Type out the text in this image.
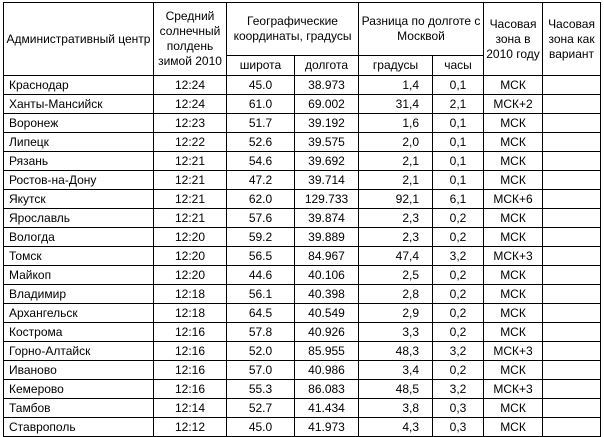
Административный центр	Средний солнечный полдень зимой 2010	Географические координаты, градусы		Разница по долготе с Москвой		Часовая зона в 2010 году	Часовая зона как вариант
		широта	долгота	градусы	часы		
Краснодар	12:24	45.0	38.973	1,4	0,1	МСК	
Ханты-Мансийск	12:24	61.0	69.002	31,4	2,1	МСК+2	
Воронеж	12:23	51.7	39.192	1,6	0,1	МСК	
Липецк	12:22	52.6	39.575	2,0	0,1	МСК	
Рязань	12:21	54.6	39.692	2,1	0,1	МСК	
Ростов-на-Дону	12:21	47.2	39.714	2,1	0,1	МСК	
Якутск	12:21	62.0	129.733	92,1	6,1	МСК+6	
Ярославль	12:21	57.6	39.874	2,3	0,2	МСК	
Вологда	12:20	59.2	39.889	2,3	0,2	МСК	
Томск	12:20	56.5	84.967	47,4	3,2	МСК+3	
Майкоп	12:20	44.6	40.106	2,5	0,2	МСК	
Владимир	12:18	56.1	40.398	2,8	0,2	МСК	
Архангельск	12:18	64.5	40.549	2,9	0,2	МСК	
Кострома	12:16	57.8	40.926	3,3	0,2	МСК	
Горно-Алтайск	12:16	52.0	85.955	48,3	3,2	МСК+3	
Иваново	12:16	57.0	40.986	3,4	0,2	МСК	
Кемерово	12:16	55.3	86.083	48,5	3,2	МСК+3	
Тамбов	12:14	52.7	41.434	3,8	0,3	МСК	
Ставрополь	12:12	45.0	41.973	4,3	0,3	МСК	
